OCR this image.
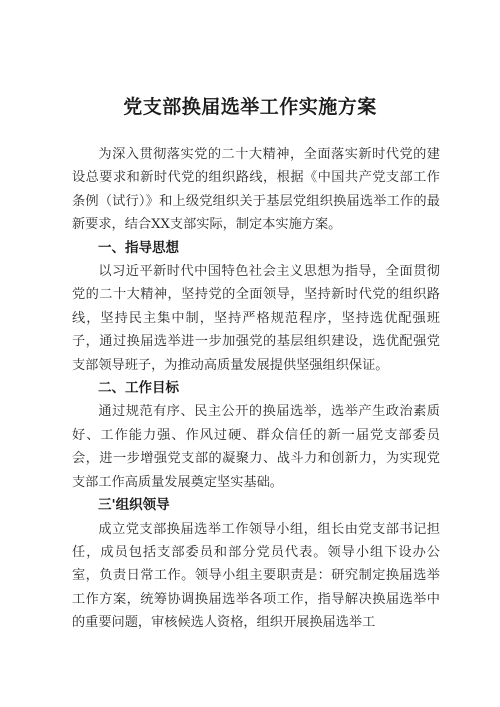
党支部换届选举工作实施方案

为深入贯彻落实党的二十大精神，全面落实新时代党的建设总要求和新时代党的组织路线，根据《中国共产党支部工作条例（试行）》和上级党组织关于基层党组织换届选举工作的最新要求，结合XX支部实际，制定本实施方案。

一、指导思想

以习近平新时代中国特色社会主义思想为指导，全面贯彻党的二十大精神，坚持党的全面领导，坚持新时代党的组织路线，坚持民主集中制，坚持严格规范程序，坚持选优配强班子，通过换届选举进一步加强党的基层组织建设，选优配强党支部领导班子，为推动高质量发展提供坚强组织保证。

二、工作目标

通过规范有序、民主公开的换届选举，选举产生政治素质好、工作能力强、作风过硬、群众信任的新一届党支部委员会，进一步增强党支部的凝聚力、战斗力和创新力，为实现党支部工作高质量发展奠定坚实基础。

三'组织领导

成立党支部换届选举工作领导小组，组长由党支部书记担任，成员包括支部委员和部分党员代表。领导小组下设办公室，负责日常工作。领导小组主要职责是：研究制定换届选举工作方案，统筹协调换届选举各项工作，指导解决换届选举中的重要问题，审核候选人资格，组织开展换届选举工
